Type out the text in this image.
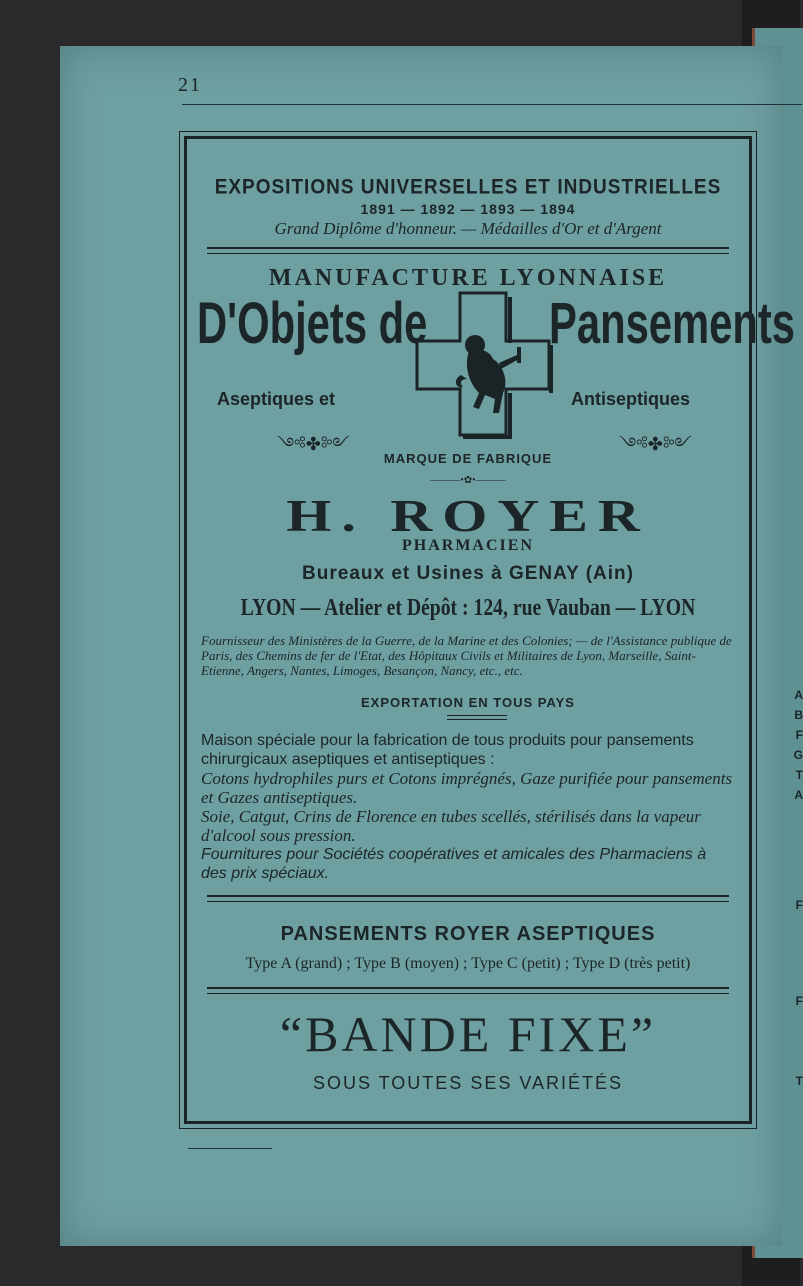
A
B
F
G
T
A
F
F
T
21
EXPOSITIONS UNIVERSELLES ET INDUSTRIELLES
1891 — 1892 — 1893 — 1894
Grand Diplôme d'honneur. — Médailles d'Or et d'Argent
MANUFACTURE LYONNAISE
D'Objets de Pansements
Aseptiques et	Antiseptiques
༺✤༻	༺✤༻
MARQUE DE FABRIQUE
———•✿•———
H. ROYER
PHARMACIEN
Bureaux et Usines à GENAY (Ain)
LYON — Atelier et Dépôt : 124, rue Vauban — LYON
Fournisseur des Ministères de la Guerre, de la Marine et des Colonies; — de l'Assistance publique de Paris, des Chemins de fer de l'Etat, des Hôpitaux Civils et Militaires de Lyon, Marseille, Saint-Etienne, Angers, Nantes, Limoges, Besançon, Nancy, etc., etc.
EXPORTATION EN TOUS PAYS

Maison spéciale pour la fabrication de tous produits pour pansements chirurgicaux aseptiques et antiseptiques :

Cotons hydrophiles purs et Cotons imprégnés, Gaze purifiée pour pansements et Gazes antiseptiques.

Soie, Catgut, Crins de Florence en tubes scellés, stérilisés dans la vapeur d'alcool sous pression.

Fournitures pour Sociétés coopératives et amicales des Pharmaciens à des prix spéciaux.

PANSEMENTS ROYER ASEPTIQUES
Type A (grand) ; Type B (moyen) ; Type C (petit) ; Type D (très petit)
“BANDE FIXE”
SOUS TOUTES SES VARIÉTÉS
